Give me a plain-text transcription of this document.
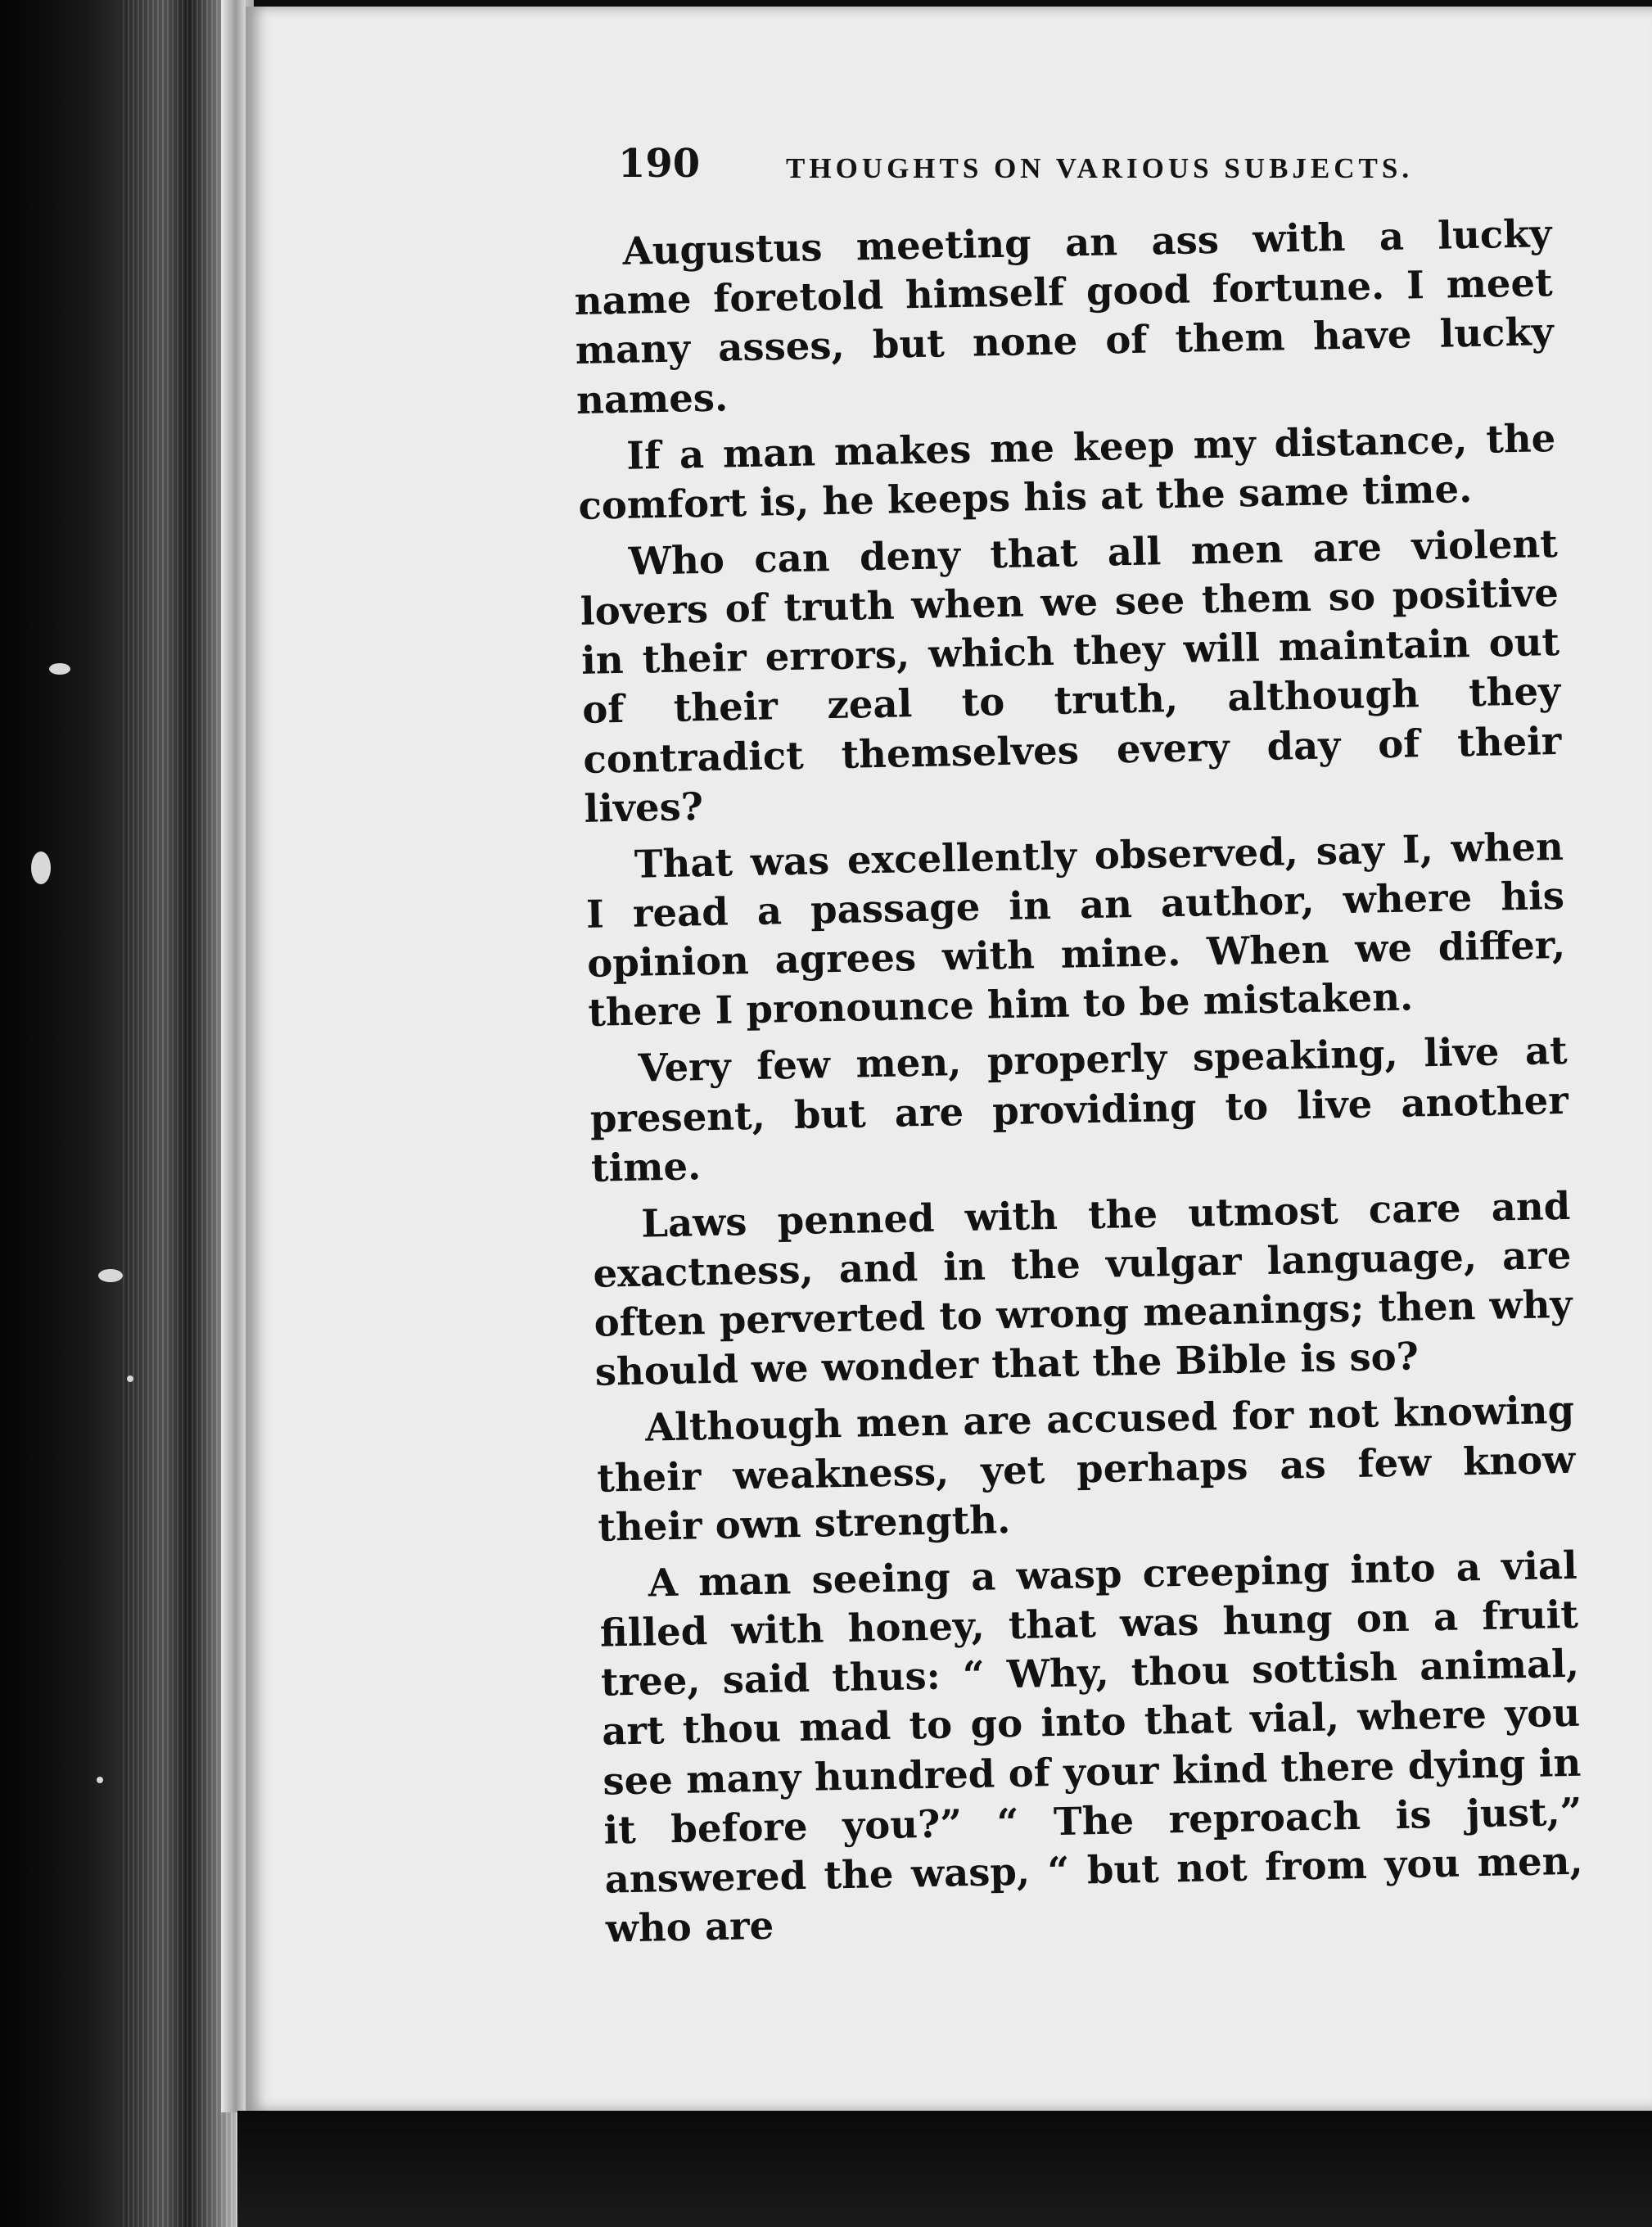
190	THOUGHTS ON VARIOUS SUBJECTS.

Augustus meeting an ass with a lucky name foretold himself good fortune. I meet many asses, but none of them have lucky names.

If a man makes me keep my distance, the comfort is, he keeps his at the same time.

Who can deny that all men are violent lovers of truth when we see them so positive in their errors, which they will maintain out of their zeal to truth, although they contradict themselves every day of their lives?

That was excellently observed, say I, when I read a passage in an author, where his opinion agrees with mine. When we differ, there I pronounce him to be mistaken.

Very few men, properly speaking, live at present, but are providing to live another time.

Laws penned with the utmost care and exactness, and in the vulgar language, are often perverted to wrong meanings; then why should we wonder that the Bible is so?

Although men are accused for not knowing their weakness, yet perhaps as few know their own strength.

A man seeing a wasp creeping into a vial filled with honey, that was hung on a fruit tree, said thus: “ Why, thou sottish animal, art thou mad to go into that vial, where you see many hundred of your kind there dying in it before you?” “ The reproach is just,” answered the wasp, “ but not from you men, who are
